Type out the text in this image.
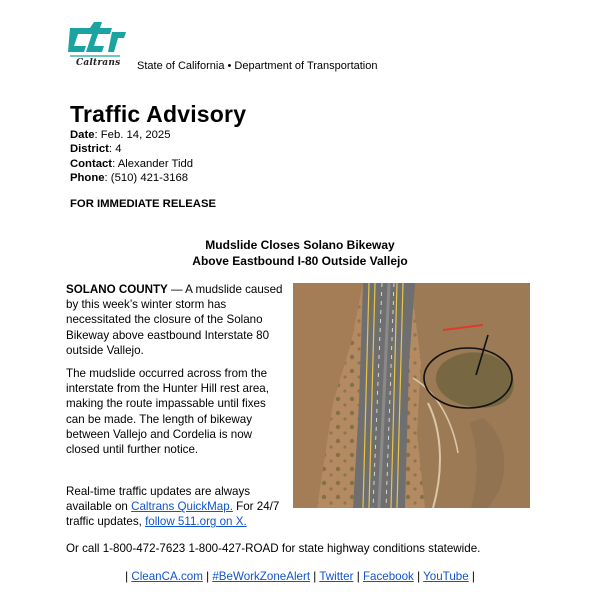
Caltrans State of California • Department of Transportation
Traffic Advisory
Date: Feb. 14, 2025
District: 4
Contact: Alexander Tidd
Phone: (510) 421-3168
FOR IMMEDIATE RELEASE
Mudslide Closes Solano Bikeway
Above Eastbound I-80 Outside Vallejo

SOLANO COUNTY — A mudslide caused by this week’s winter storm has necessitated the closure of the Solano Bikeway above eastbound Interstate 80 outside Vallejo.

The mudslide occurred across from the interstate from the Hunter Hill rest area, making the route impassable until fixes can be made. The length of bikeway between Vallejo and Cordelia is now closed until further notice.

Real-time traffic updates are always available on Caltrans QuickMap. For 24/7 traffic updates, follow 511.org on X.

Or call 1-800-472-7623 1-800-427-ROAD for state highway conditions statewide.

| CleanCA.com | #BeWorkZoneAlert | Twitter | Facebook | YouTube |
